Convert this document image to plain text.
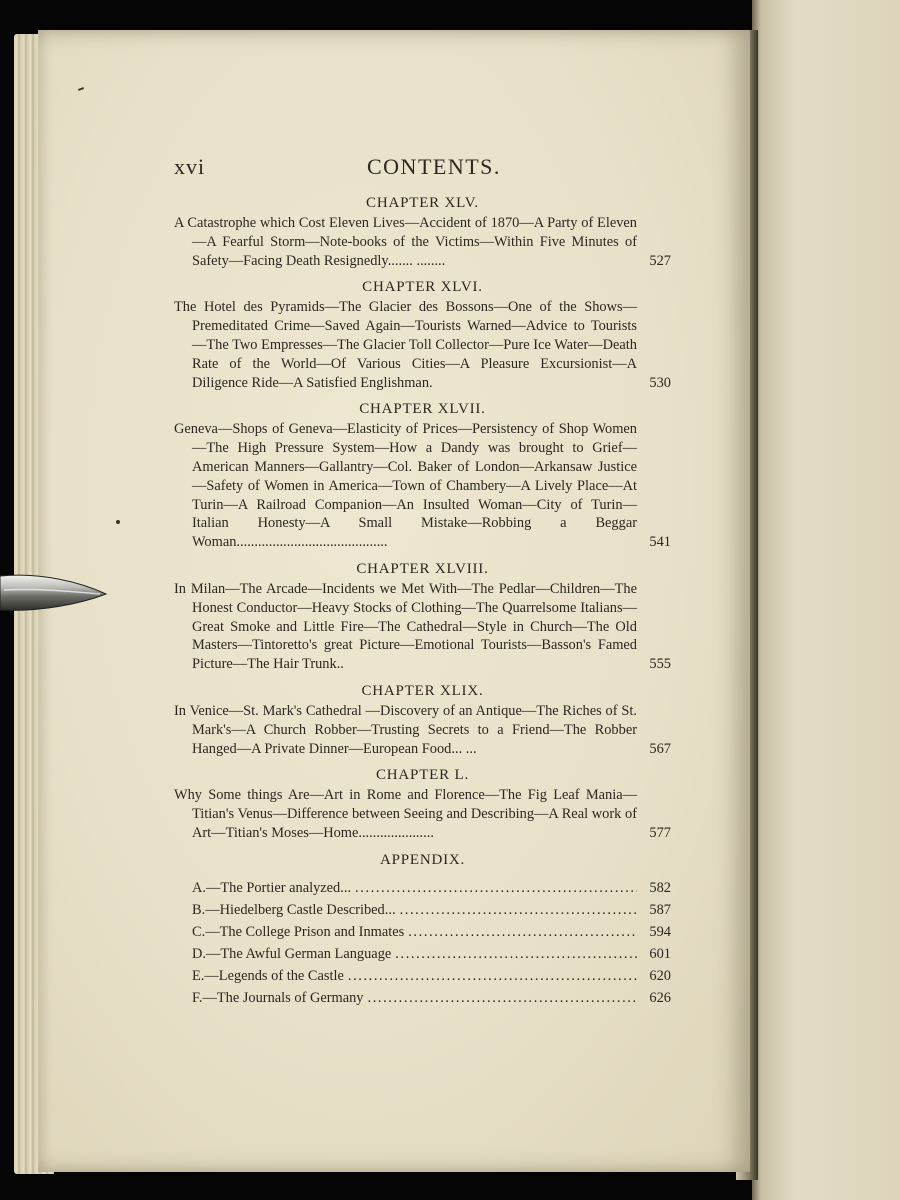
xvi	CONTENTS.
CHAPTER XLV.
A Catastrophe which Cost Eleven Lives—Accident of 1870—A Party of Eleven—A Fearful Storm—Note-books of the Victims—Within Five Minutes of Safety—Facing Death Resignedly....... ........	527
CHAPTER XLVI.
The Hotel des Pyramids—The Glacier des Bossons—One of the Shows—Premeditated Crime—Saved Again—Tourists Warned—Advice to Tourists—The Two Empresses—The Glacier Toll Collector—Pure Ice Water—Death Rate of the World—Of Various Cities—A Pleasure Excursionist—A Diligence Ride—A Satisfied Englishman.	530
CHAPTER XLVII.
Geneva—Shops of Geneva—Elasticity of Prices—Persistency of Shop Women—The High Pressure System—How a Dandy was brought to Grief—American Manners—Gallantry—Col. Baker of London—Arkansaw Justice—Safety of Women in America—Town of Chambery—A Lively Place—At Turin—A Railroad Companion—An Insulted Woman—City of Turin—Italian Honesty—A Small Mistake—Robbing a Beggar Woman..........................................	541
CHAPTER XLVIII.
In Milan—The Arcade—Incidents we Met With—The Pedlar—Children—The Honest Conductor—Heavy Stocks of Clothing—The Quarrelsome Italians—Great Smoke and Little Fire—The Cathedral—Style in Church—The Old Masters—Tintoretto's great Picture—Emotional Tourists—Basson's Famed Picture—The Hair Trunk..	555
CHAPTER XLIX.
In Venice—St. Mark's Cathedral —Discovery of an Antique—The Riches of St. Mark's—A Church Robber—Trusting Secrets to a Friend—The Robber Hanged—A Private Dinner—European Food... ...	567
CHAPTER L.
Why Some things Are—Art in Rome and Florence—The Fig Leaf Mania—Titian's Venus—Difference between Seeing and Describing—A Real work of Art—Titian's Moses—Home.....................	577
APPENDIX.
A.—The Portier analyzed... . . .	582
B.—Hiedelberg Castle Described... . . .	587
C.—The College Prison and Inmates . . .	594
D.—The Awful German Language . . .	601
E.—Legends of the Castle . . .	620
F.—The Journals of Germany . . .	626
